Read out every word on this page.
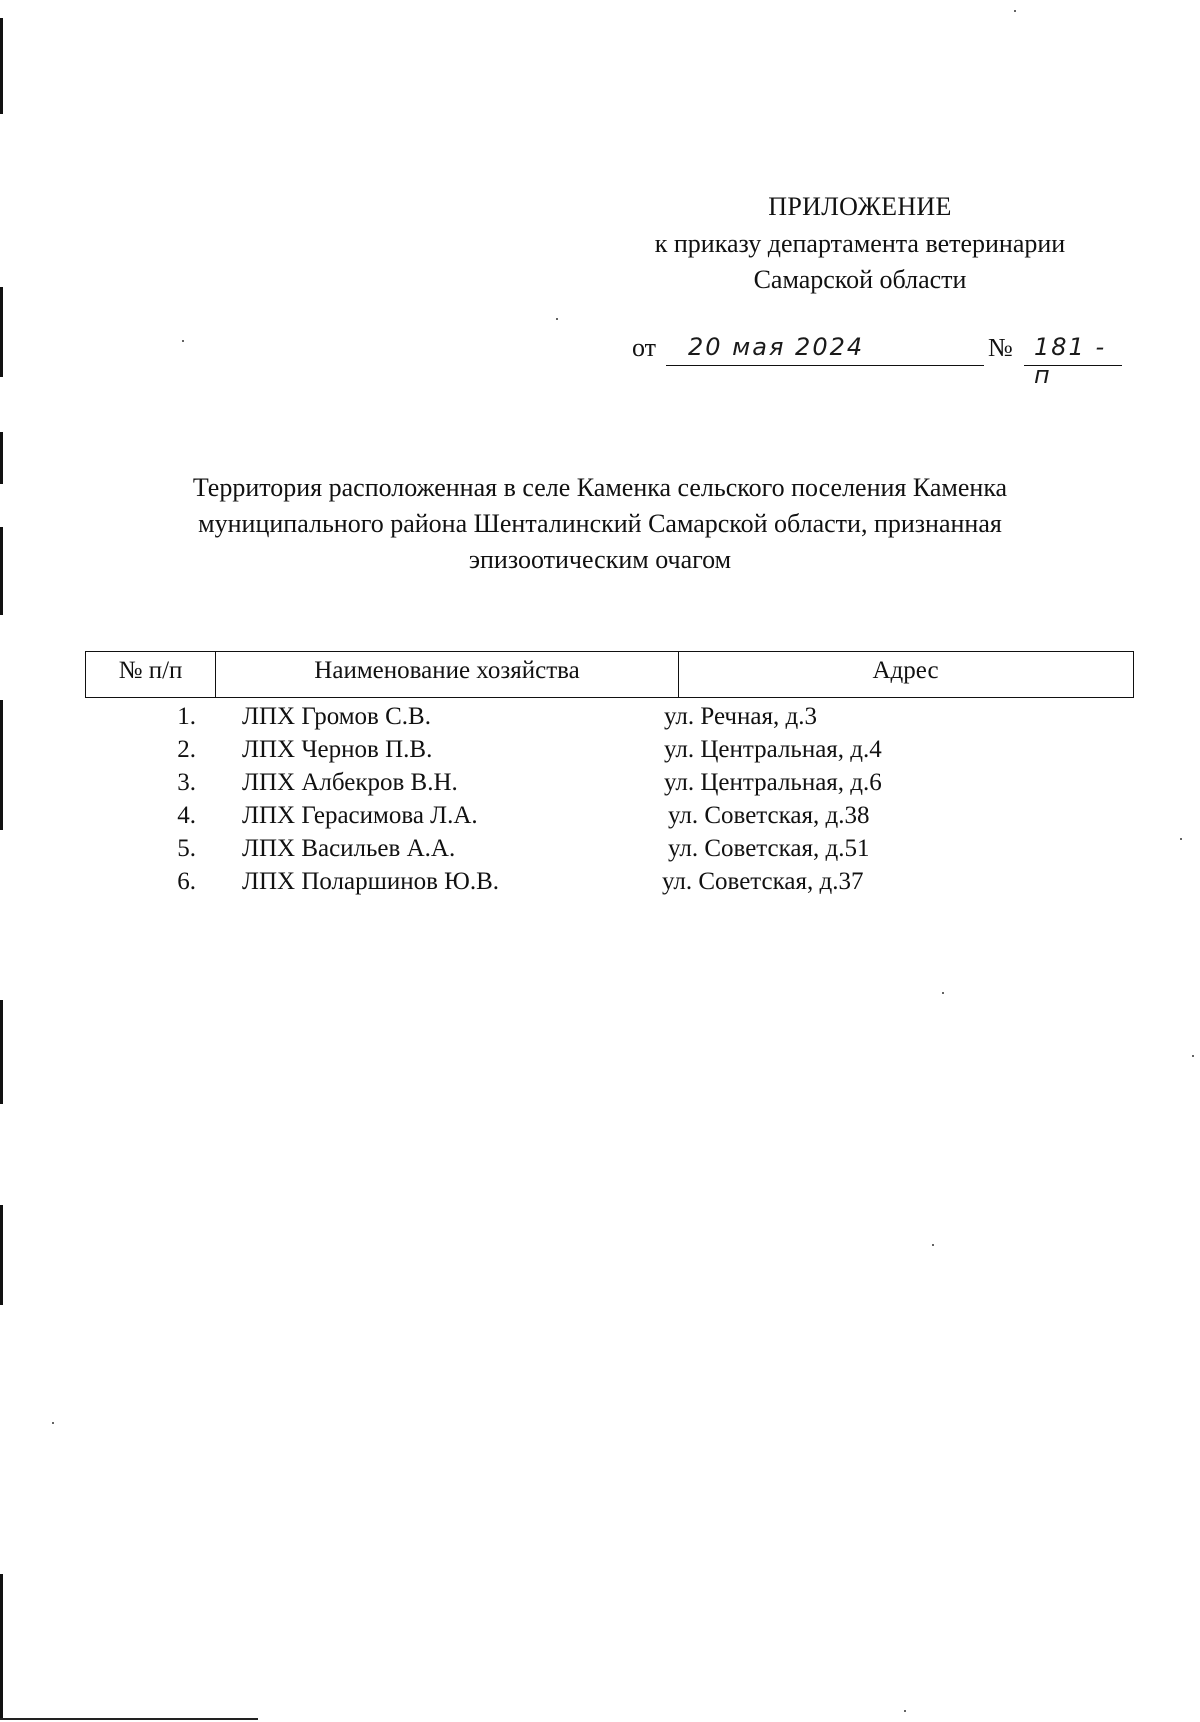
ПРИЛОЖЕНИЕ
к приказу департамента ветеринарии
Самарской области
от	20 мая 2024	№ 181 - п
Территория расположенная в селе Каменка сельского поселения Каменка
муниципального района Шенталинский Самарской области, признанная
эпизоотическим очагом
№ п/п	Наименование хозяйства	Адрес
1. ЛПХ Громов С.В.	ул. Речная, д.3
2. ЛПХ Чернов П.В.	ул. Центральная, д.4
3. ЛПХ Албекров В.Н.	ул. Центральная, д.6
4. ЛПХ Герасимова Л.А.	ул. Советская, д.38
5. ЛПХ Васильев А.А.	ул. Советская, д.51
6. ЛПХ Поларшинов Ю.В.	ул. Советская, д.37
